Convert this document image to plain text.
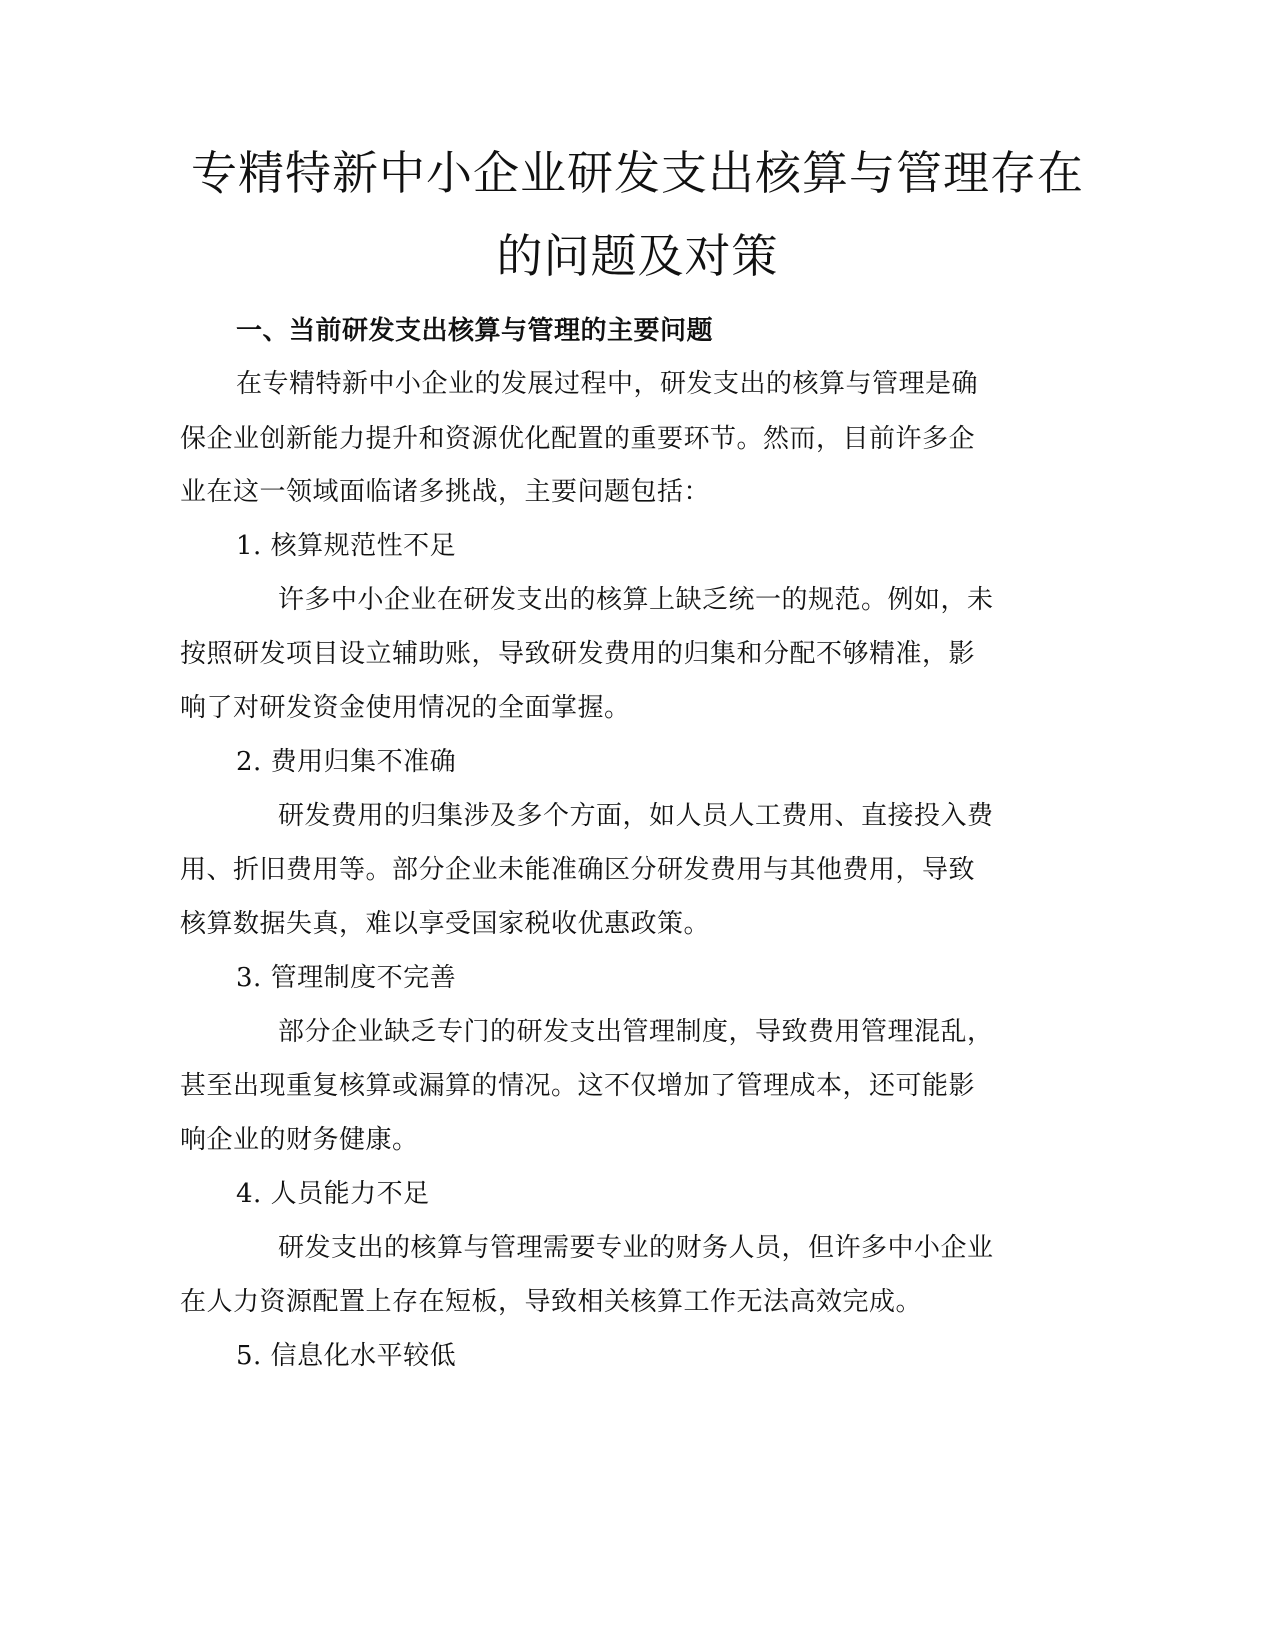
专精特新中小企业研发支出核算与管理存在
的问题及对策
一、当前研发支出核算与管理的主要问题
在专精特新中小企业的发展过程中，研发支出的核算与管理是确
保企业创新能力提升和资源优化配置的重要环节。然而，目前许多企
业在这一领域面临诸多挑战，主要问题包括：
1. 核算规范性不足
许多中小企业在研发支出的核算上缺乏统一的规范。例如，未
按照研发项目设立辅助账，导致研发费用的归集和分配不够精准，影
响了对研发资金使用情况的全面掌握。
2. 费用归集不准确
研发费用的归集涉及多个方面，如人员人工费用、直接投入费
用、折旧费用等。部分企业未能准确区分研发费用与其他费用，导致
核算数据失真，难以享受国家税收优惠政策。
3. 管理制度不完善
部分企业缺乏专门的研发支出管理制度，导致费用管理混乱，
甚至出现重复核算或漏算的情况。这不仅增加了管理成本，还可能影
响企业的财务健康。
4. 人员能力不足
研发支出的核算与管理需要专业的财务人员，但许多中小企业
在人力资源配置上存在短板，导致相关核算工作无法高效完成。
5. 信息化水平较低
